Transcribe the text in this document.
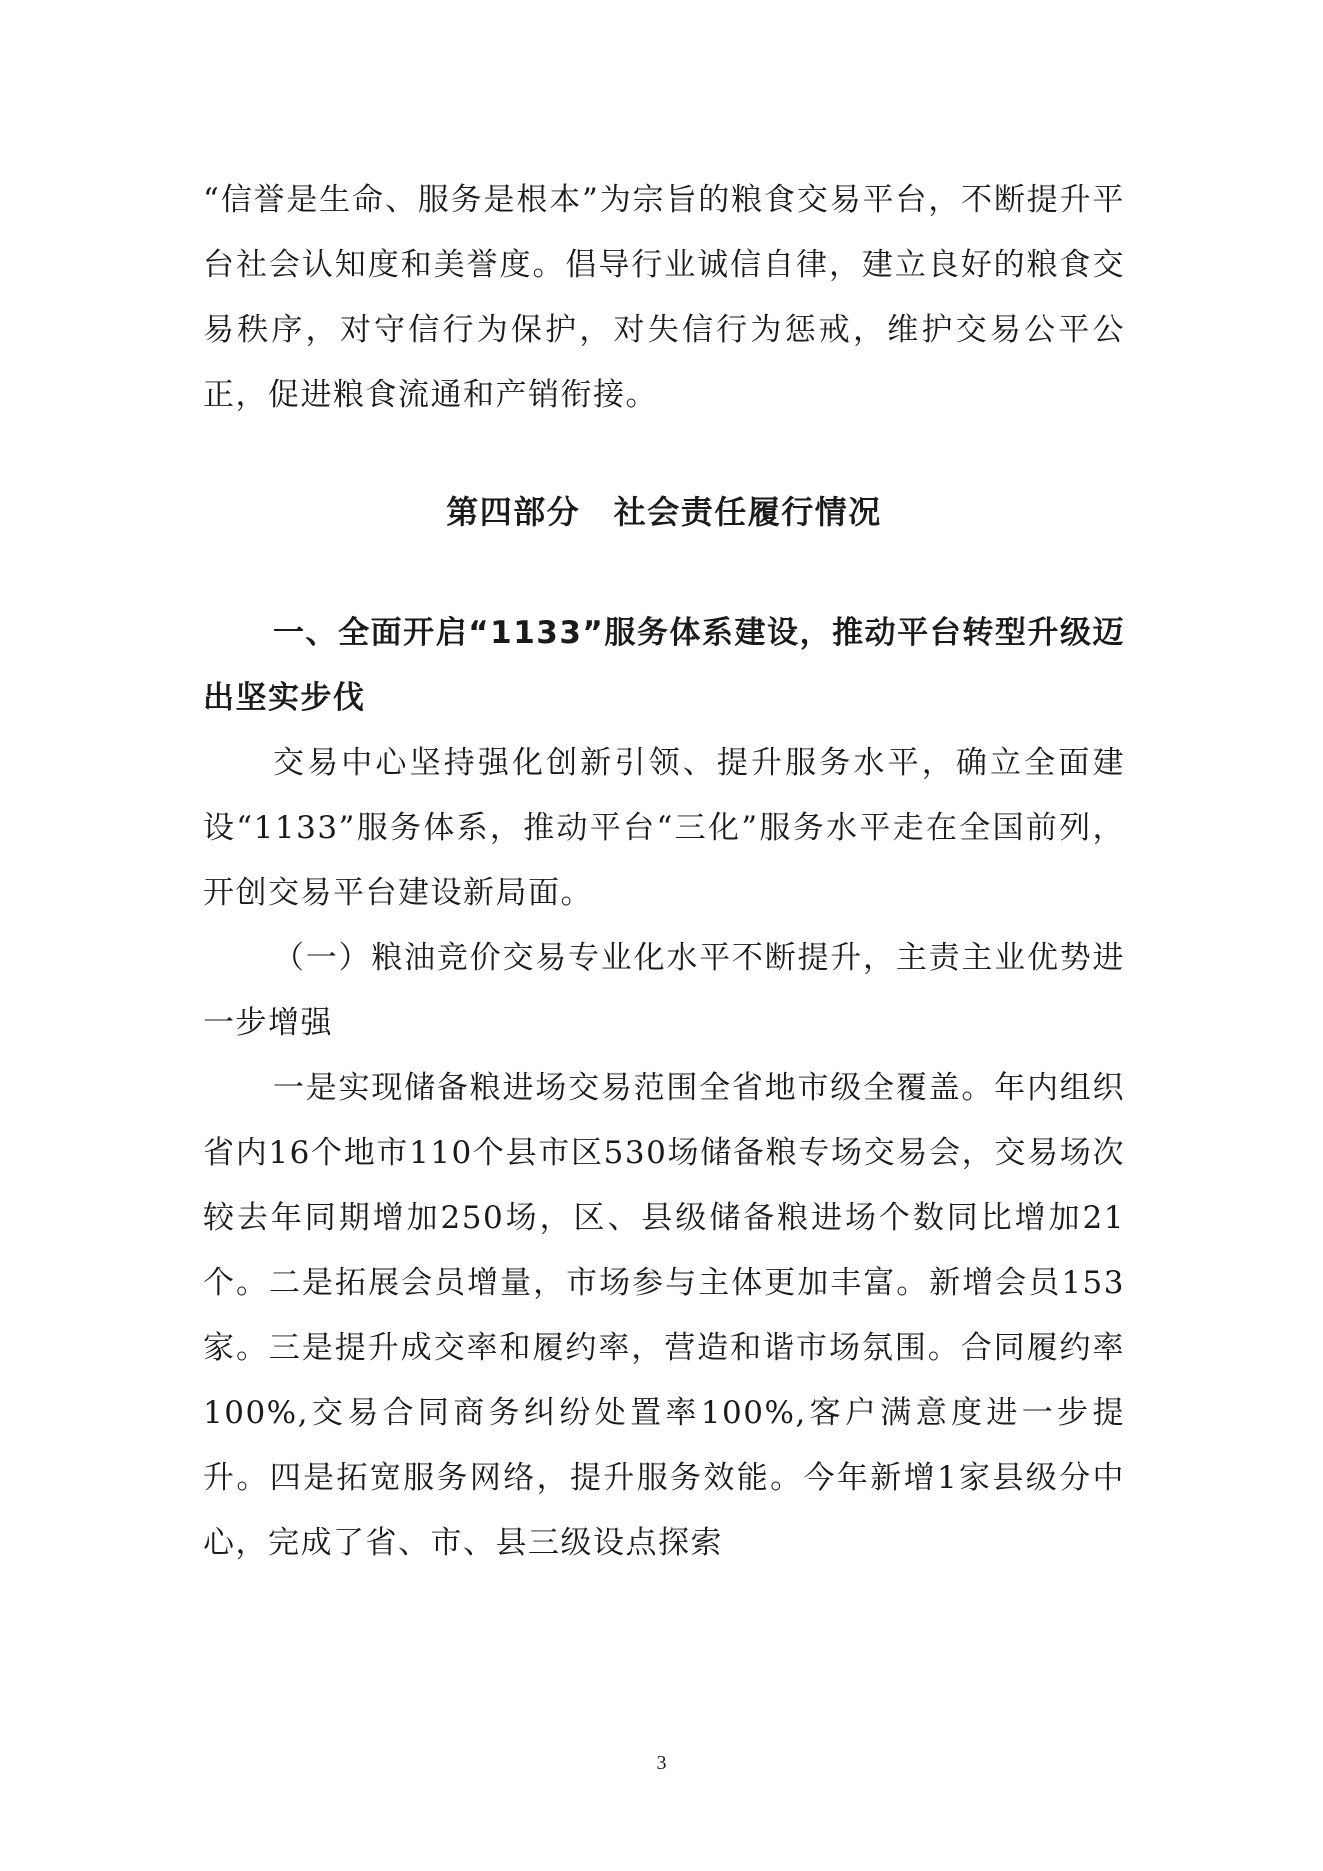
“信誉是生命、服务是根本”为宗旨的粮食交易平台，不断提升平台社会认知度和美誉度。倡导行业诚信自律，建立良好的粮食交易秩序，对守信行为保护，对失信行为惩戒，维护交易公平公正，促进粮食流通和产销衔接。

第四部分　社会责任履行情况
一、全面开启“1133”服务体系建设，推动平台转型升级迈出坚实步伐

交易中心坚持强化创新引领、提升服务水平，确立全面建设“1133”服务体系，推动平台“三化”服务水平走在全国前列，开创交易平台建设新局面。

（一）粮油竞价交易专业化水平不断提升，主责主业优势进一步增强

一是实现储备粮进场交易范围全省地市级全覆盖。年内组织省内16个地市110个县市区530场储备粮专场交易会，交易场次较去年同期增加250场，区、县级储备粮进场个数同比增加21个。二是拓展会员增量，市场参与主体更加丰富。新增会员153家。三是提升成交率和履约率，营造和谐市场氛围。合同履约率100%,交易合同商务纠纷处置率100%,客户满意度进一步提升。四是拓宽服务网络，提升服务效能。今年新增1家县级分中心，完成了省、市、县三级设点探索

3
